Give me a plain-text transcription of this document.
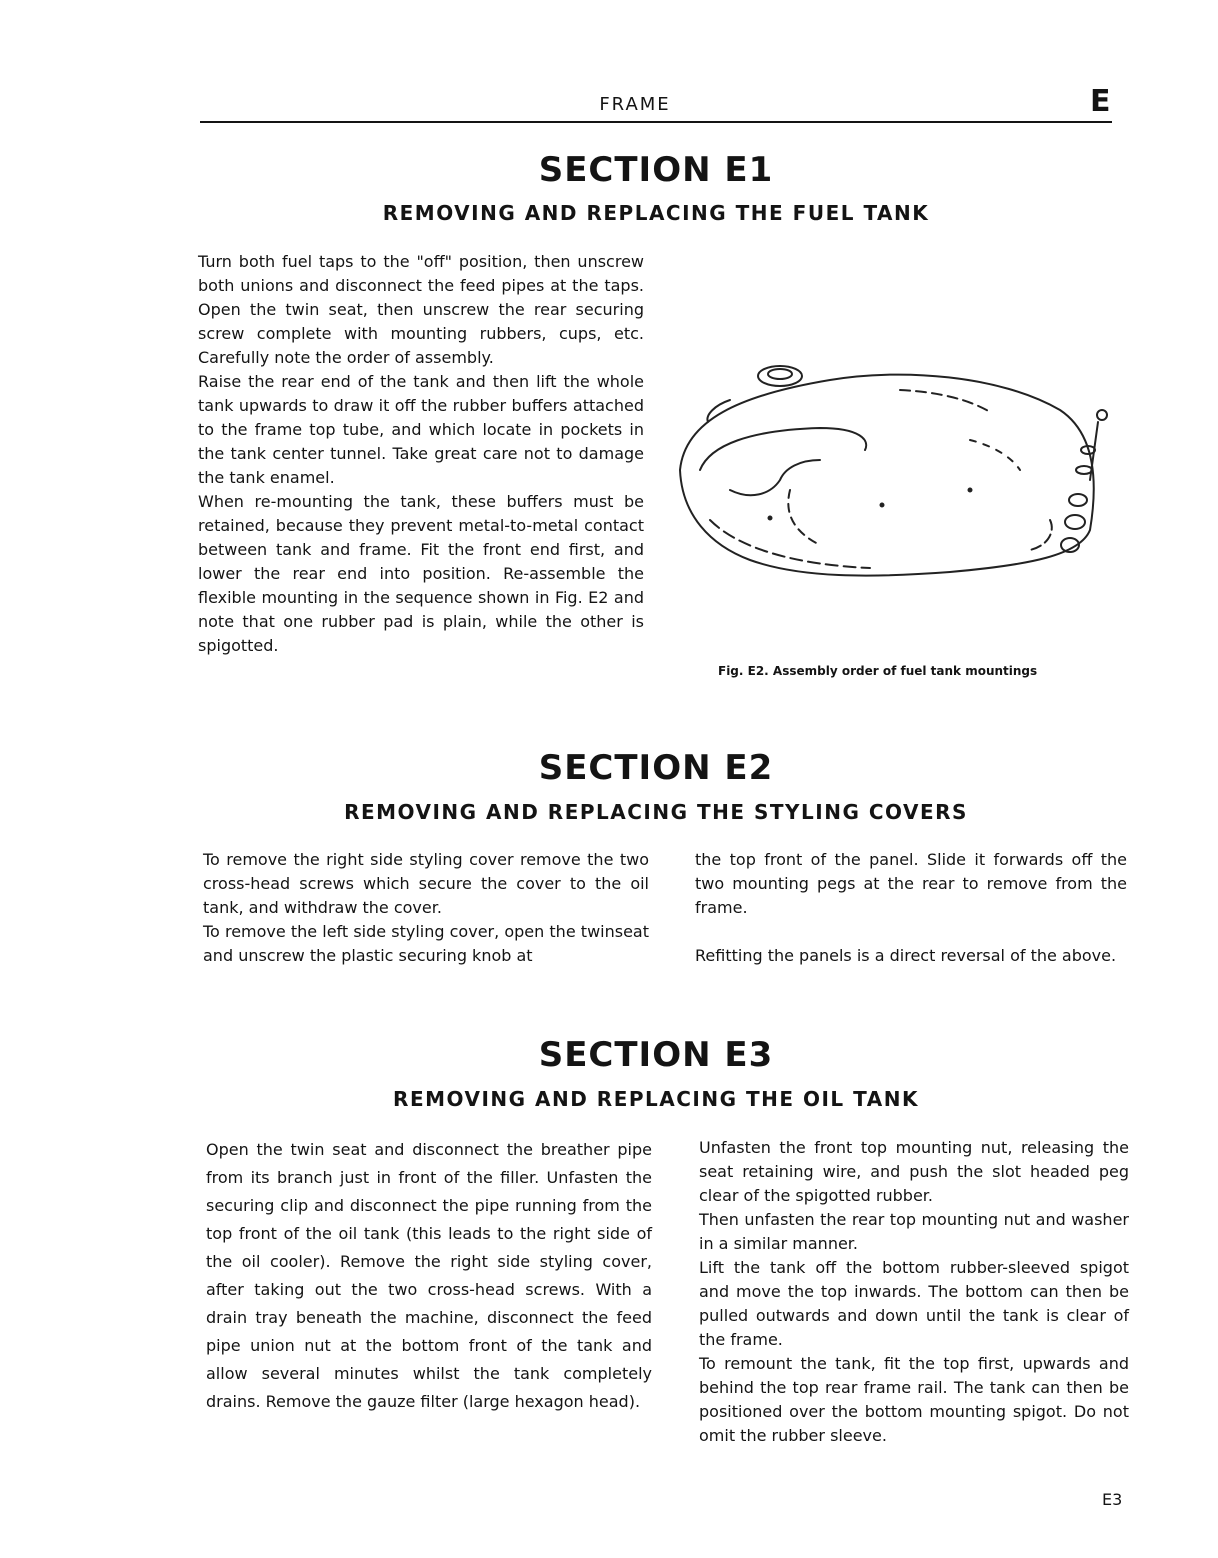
FRAME	E
SECTION E1
REMOVING AND REPLACING THE FUEL TANK

Turn both fuel taps to the "off" position, then unscrew both unions and disconnect the feed pipes at the taps. Open the twin seat, then unscrew the rear securing screw complete with mounting rubbers, cups, etc. Carefully note the order of assembly.

Raise the rear end of the tank and then lift the whole tank upwards to draw it off the rubber buffers attached to the frame top tube, and which locate in pockets in the tank center tunnel. Take great care not to damage the tank enamel.

When re-mounting the tank, these buffers must be retained, because they prevent metal-to-metal contact between tank and frame. Fit the front end first, and lower the rear end into position. Re-assemble the flexible mounting in the sequence shown in Fig. E2 and note that one rubber pad is plain, while the other is spigotted.

Fig. E2. Assembly order of fuel tank mountings
SECTION E2
REMOVING AND REPLACING THE STYLING COVERS

To remove the right side styling cover remove the two cross-head screws which secure the cover to the oil tank, and withdraw the cover.

To remove the left side styling cover, open the twinseat and unscrew the plastic securing knob at

the top front of the panel. Slide it forwards off the two mounting pegs at the rear to remove from the frame.

Refitting the panels is a direct reversal of the above.

SECTION E3
REMOVING AND REPLACING THE OIL TANK

Open the twin seat and disconnect the breather pipe from its branch just in front of the filler. Unfasten the securing clip and disconnect the pipe running from the top front of the oil tank (this leads to the right side of the oil cooler). Remove the right side styling cover, after taking out the two cross-head screws. With a drain tray beneath the machine, disconnect the feed pipe union nut at the bottom front of the tank and allow several minutes whilst the tank completely drains. Remove the gauze filter (large hexagon head).

Unfasten the front top mounting nut, releasing the seat retaining wire, and push the slot headed peg clear of the spigotted rubber.

Then unfasten the rear top mounting nut and washer in a similar manner.

Lift the tank off the bottom rubber-sleeved spigot and move the top inwards. The bottom can then be pulled outwards and down until the tank is clear of the frame.

To remount the tank, fit the top first, upwards and behind the top rear frame rail. The tank can then be positioned over the bottom mounting spigot. Do not omit the rubber sleeve.

E3
